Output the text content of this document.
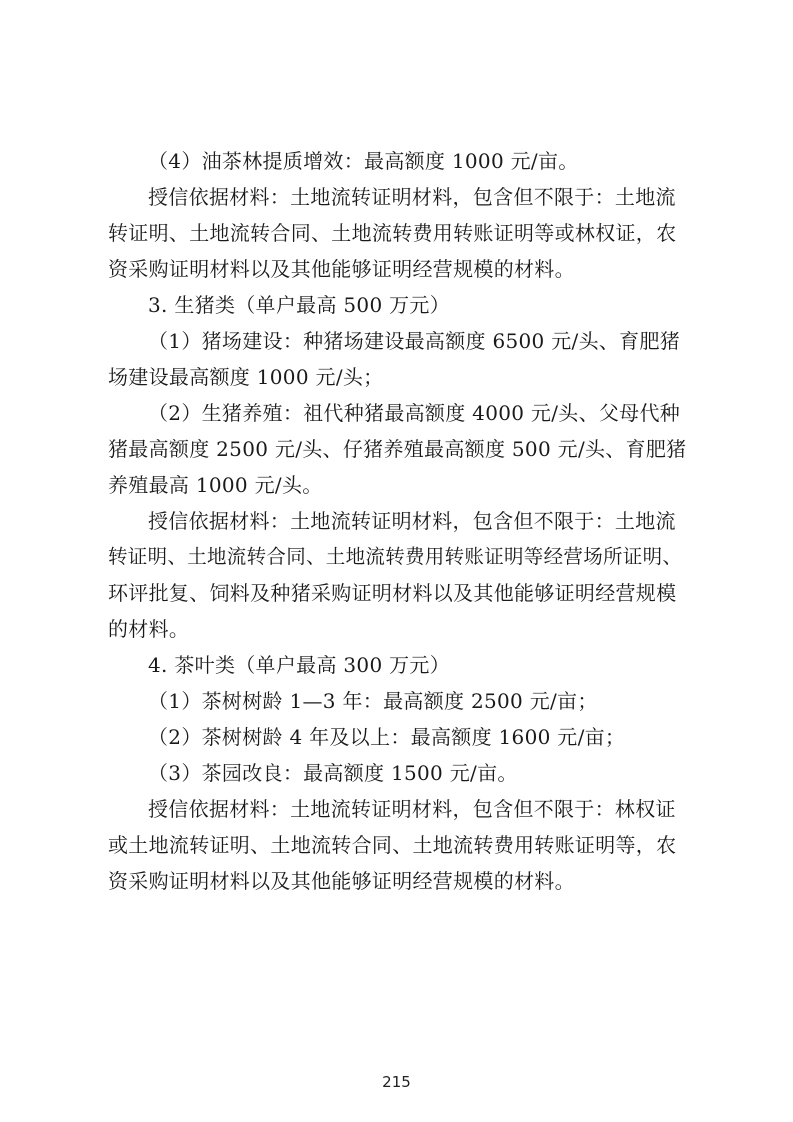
（4）油茶林提质增效：最高额度 1000 元/亩。
授信依据材料：土地流转证明材料，包含但不限于：土地流
转证明、土地流转合同、土地流转费用转账证明等或林权证，农
资采购证明材料以及其他能够证明经营规模的材料。
3. 生猪类（单户最高 500 万元）
（1）猪场建设：种猪场建设最高额度 6500 元/头、育肥猪
场建设最高额度 1000 元/头；
（2）生猪养殖：祖代种猪最高额度 4000 元/头、父母代种
猪最高额度 2500 元/头、仔猪养殖最高额度 500 元/头、育肥猪
养殖最高 1000 元/头。
授信依据材料：土地流转证明材料，包含但不限于：土地流
转证明、土地流转合同、土地流转费用转账证明等经营场所证明、
环评批复、饲料及种猪采购证明材料以及其他能够证明经营规模
的材料。
4. 茶叶类（单户最高 300 万元）
（1）茶树树龄 1—3 年：最高额度 2500 元/亩；
（2）茶树树龄 4 年及以上：最高额度 1600 元/亩；
（3）茶园改良：最高额度 1500 元/亩。
授信依据材料：土地流转证明材料，包含但不限于：林权证
或土地流转证明、土地流转合同、土地流转费用转账证明等，农
资采购证明材料以及其他能够证明经营规模的材料。
215
